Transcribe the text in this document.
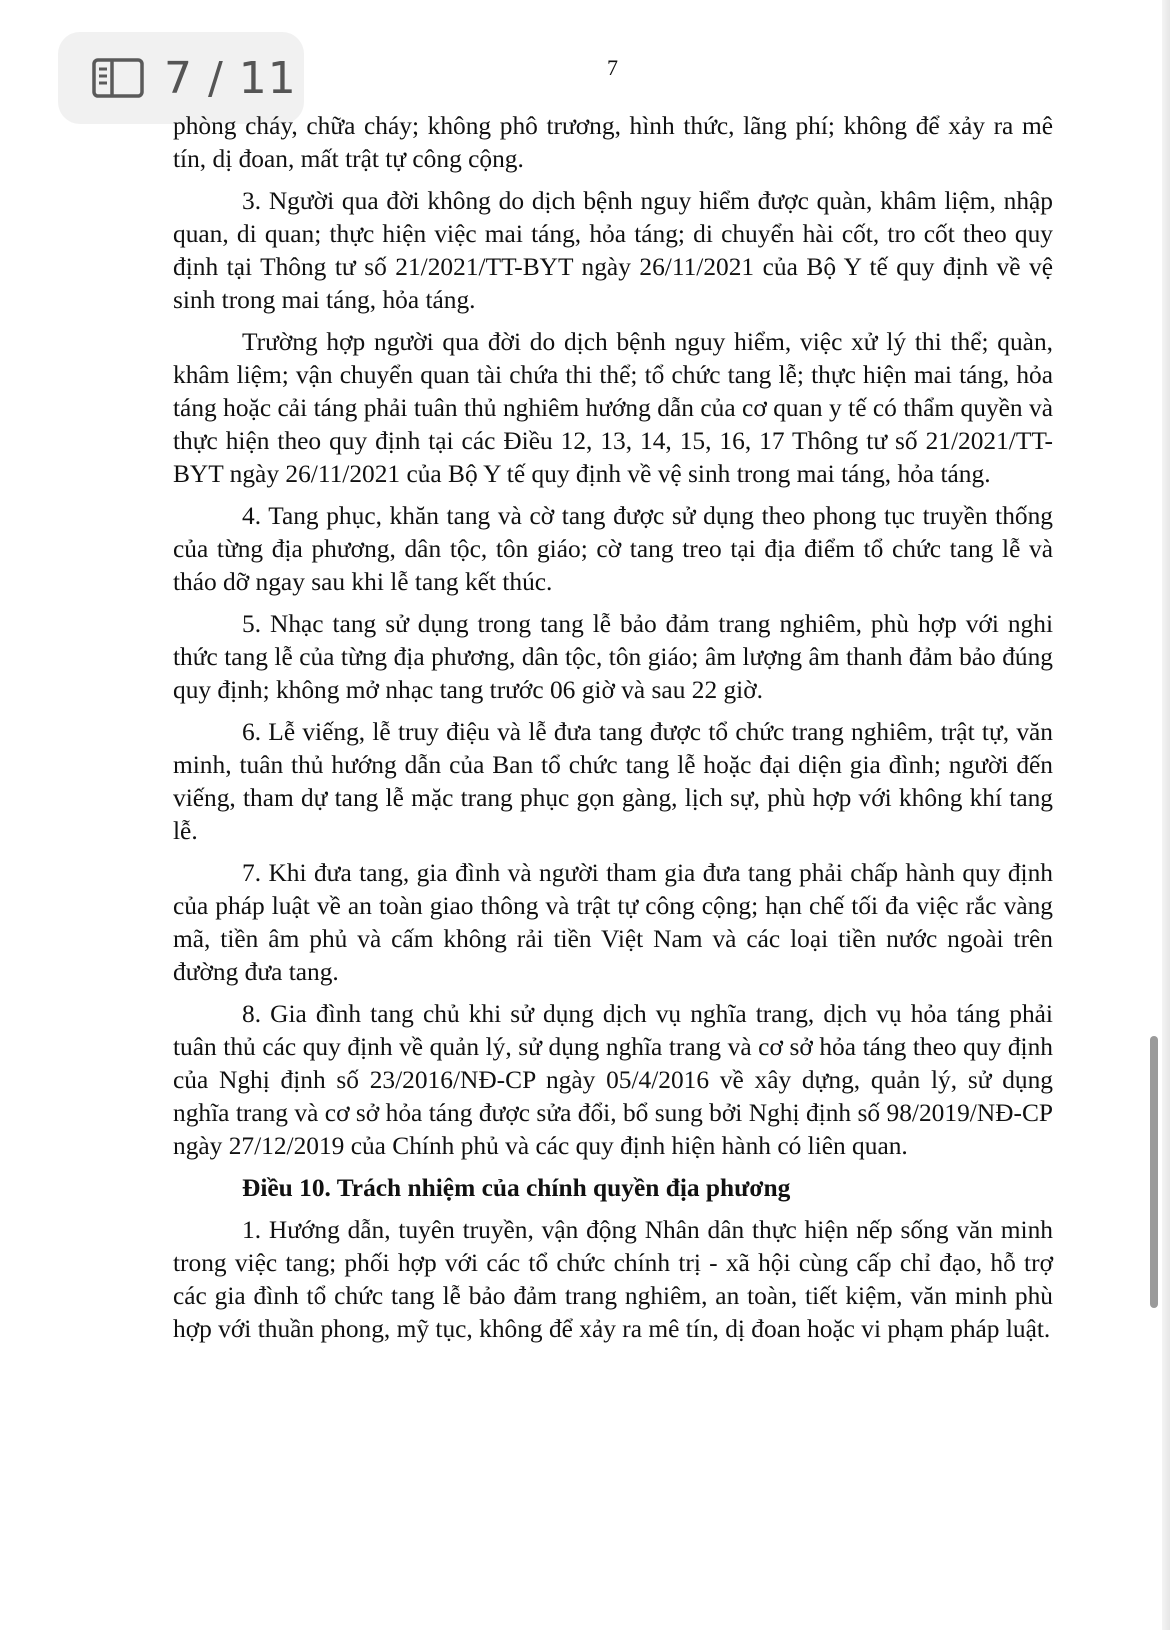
7 / 11	7

phòng cháy, chữa cháy; không phô trương, hình thức, lãng phí; không để xảy ra mê tín, dị đoan, mất trật tự công cộng.

3. Người qua đời không do dịch bệnh nguy hiểm được quàn, khâm liệm, nhập quan, di quan; thực hiện việc mai táng, hỏa táng; di chuyển hài cốt, tro cốt theo quy định tại Thông tư số 21/2021/TT-BYT ngày 26/11/2021 của Bộ Y tế quy định về vệ sinh trong mai táng, hỏa táng.

Trường hợp người qua đời do dịch bệnh nguy hiểm, việc xử lý thi thể; quàn, khâm liệm; vận chuyển quan tài chứa thi thể; tổ chức tang lễ; thực hiện mai táng, hỏa táng hoặc cải táng phải tuân thủ nghiêm hướng dẫn của cơ quan y tế có thẩm quyền và thực hiện theo quy định tại các Điều 12, 13, 14, 15, 16, 17 Thông tư số 21/2021/TT-BYT ngày 26/11/2021 của Bộ Y tế quy định về vệ sinh trong mai táng, hỏa táng.

4. Tang phục, khăn tang và cờ tang được sử dụng theo phong tục truyền thống của từng địa phương, dân tộc, tôn giáo; cờ tang treo tại địa điểm tổ chức tang lễ và tháo dỡ ngay sau khi lễ tang kết thúc.

5. Nhạc tang sử dụng trong tang lễ bảo đảm trang nghiêm, phù hợp với nghi thức tang lễ của từng địa phương, dân tộc, tôn giáo; âm lượng âm thanh đảm bảo đúng quy định; không mở nhạc tang trước 06 giờ và sau 22 giờ.

6. Lễ viếng, lễ truy điệu và lễ đưa tang được tổ chức trang nghiêm, trật tự, văn minh, tuân thủ hướng dẫn của Ban tổ chức tang lễ hoặc đại diện gia đình; người đến viếng, tham dự tang lễ mặc trang phục gọn gàng, lịch sự, phù hợp với không khí tang lễ.

7. Khi đưa tang, gia đình và người tham gia đưa tang phải chấp hành quy định của pháp luật về an toàn giao thông và trật tự công cộng; hạn chế tối đa việc rắc vàng mã, tiền âm phủ và cấm không rải tiền Việt Nam và các loại tiền nước ngoài trên đường đưa tang.

8. Gia đình tang chủ khi sử dụng dịch vụ nghĩa trang, dịch vụ hỏa táng phải tuân thủ các quy định về quản lý, sử dụng nghĩa trang và cơ sở hỏa táng theo quy định của Nghị định số 23/2016/NĐ-CP ngày 05/4/2016 về xây dựng, quản lý, sử dụng nghĩa trang và cơ sở hỏa táng được sửa đổi, bổ sung bởi Nghị định số 98/2019/NĐ-CP ngày 27/12/2019 của Chính phủ và các quy định hiện hành có liên quan.

Điều 10. Trách nhiệm của chính quyền địa phương

1. Hướng dẫn, tuyên truyền, vận động Nhân dân thực hiện nếp sống văn minh trong việc tang; phối hợp với các tổ chức chính trị - xã hội cùng cấp chỉ đạo, hỗ trợ các gia đình tổ chức tang lễ bảo đảm trang nghiêm, an toàn, tiết kiệm, văn minh phù hợp với thuần phong, mỹ tục, không để xảy ra mê tín, dị đoan hoặc vi phạm pháp luật.
